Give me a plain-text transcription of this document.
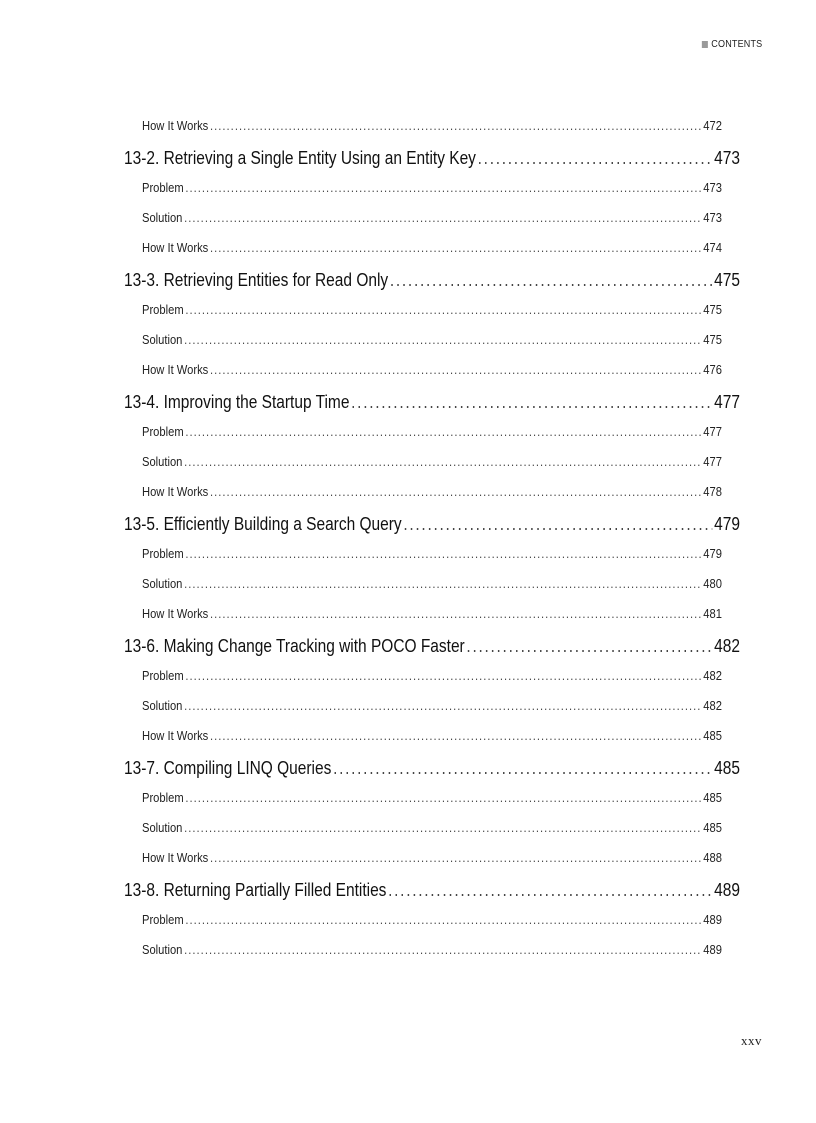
CONTENTS
How It Works .....	472
13-2. Retrieving a Single Entity Using an Entity Key .....	473
Problem .....	473
Solution .....	473
How It Works .....	474
13-3. Retrieving Entities for Read Only .....	475
Problem .....	475
Solution .....	475
How It Works .....	476
13-4. Improving the Startup Time .....	477
Problem .....	477
Solution .....	477
How It Works .....	478
13-5. Efficiently Building a Search Query .....	479
Problem .....	479
Solution .....	480
How It Works .....	481
13-6. Making Change Tracking with POCO Faster .....	482
Problem .....	482
Solution .....	482
How It Works .....	485
13-7. Compiling LINQ Queries .....	485
Problem .....	485
Solution .....	485
How It Works .....	488
13-8. Returning Partially Filled Entities .....	489
Problem .....	489
Solution .....	489
xxv
